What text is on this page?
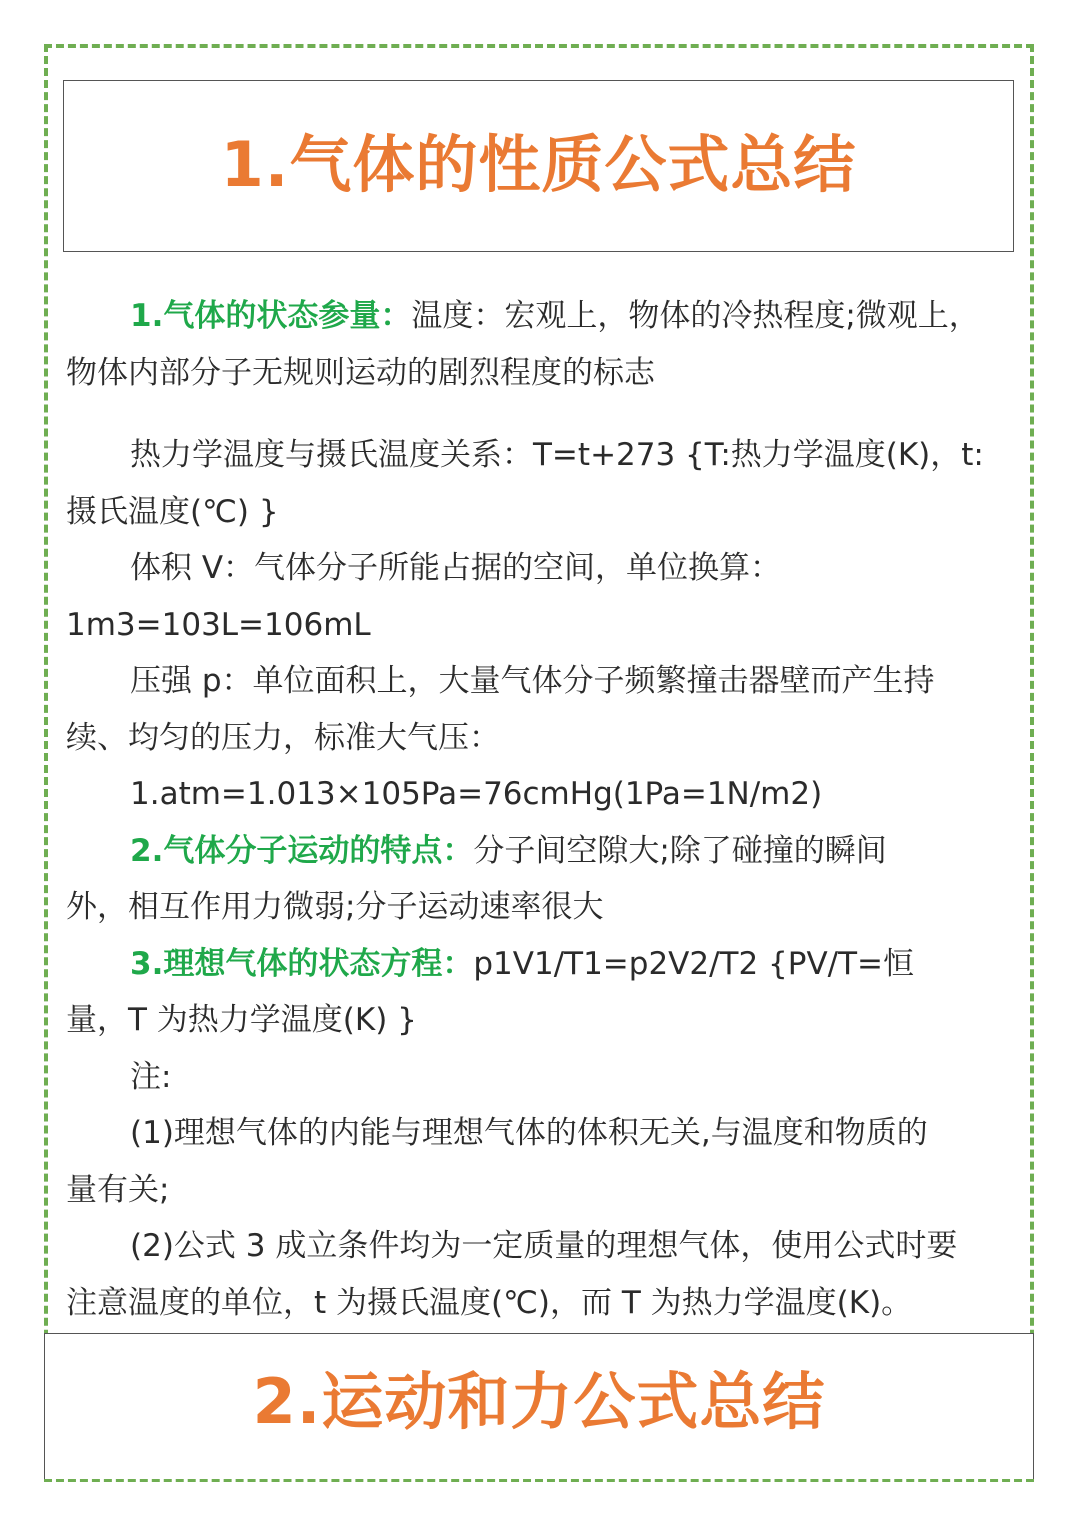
1.气体的性质公式总结
1.气体的状态参量：温度：宏观上，物体的冷热程度;微观上，
物体内部分子无规则运动的剧烈程度的标志
热力学温度与摄氏温度关系：T=t+273 {T:热力学温度(K)，t:
摄氏温度(℃) }
体积 V：气体分子所能占据的空间，单位换算：
1m3=103L=106mL
压强 p：单位面积上，大量气体分子频繁撞击器壁而产生持
续、均匀的压力，标准大气压：
1.atm=1.013×105Pa=76cmHg(1Pa=1N/m2)
2.气体分子运动的特点：分子间空隙大;除了碰撞的瞬间
外，相互作用力微弱;分子运动速率很大
3.理想气体的状态方程：p1V1/T1=p2V2/T2 {PV/T=恒
量，T 为热力学温度(K) }
注:
(1)理想气体的内能与理想气体的体积无关,与温度和物质的
量有关;
(2)公式 3 成立条件均为一定质量的理想气体，使用公式时要
注意温度的单位，t 为摄氏温度(℃)，而 T 为热力学温度(K)。
2.运动和力公式总结
